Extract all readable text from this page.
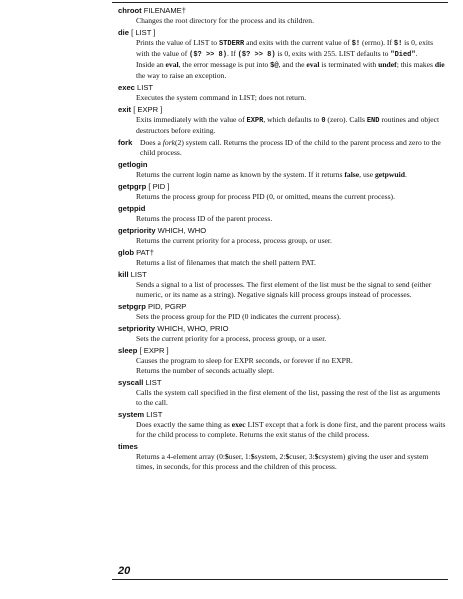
chroot FILENAME†
Changes the root directory for the process and its children.
die [ LIST ]
Prints the value of LIST to STDERR and exits with the current value of $! (errno). If $! is 0, exits with the value of ($? >> 8). If ($? >> 8) is 0, exits with 255. LIST defaults to "Died".
Inside an eval, the error message is put into $@, and the eval is terminated with undef; this makes die the way to raise an exception.
exec LIST
Executes the system command in LIST; does not return.
exit [ EXPR ]
Exits immediately with the value of EXPR, which defaults to 0 (zero). Calls END routines and object destructors before exiting.
fork	Does a fork(2) system call. Returns the process ID of the child to the parent process and zero to the child process.
getlogin
Returns the current login name as known by the system. If it returns false, use getpwuid.
getpgrp [ PID ]
Returns the process group for process PID (0, or omitted, means the current process).
getppid
Returns the process ID of the parent process.
getpriority WHICH, WHO
Returns the current priority for a process, process group, or user.
glob PAT†
Returns a list of filenames that match the shell pattern PAT.
kill LIST
Sends a signal to a list of processes. The first element of the list must be the signal to send (either numeric, or its name as a string). Negative signals kill process groups instead of processes.
setpgrp PID, PGRP
Sets the process group for the PID (0 indicates the current process).
setpriority WHICH, WHO, PRIO
Sets the current priority for a process, process group, or a user.
sleep [ EXPR ]
Causes the program to sleep for EXPR seconds, or forever if no EXPR.
Returns the number of seconds actually slept.
syscall LIST
Calls the system call specified in the first element of the list, passing the rest of the list as arguments to the call.
system LIST
Does exactly the same thing as exec LIST except that a fork is done first, and the parent process waits for the child process to complete. Returns the exit status of the child process.
times
Returns a 4-element array (0:$user, 1:$system, 2:$cuser, 3:$csystem) giving the user and system times, in seconds, for this process and the children of this process.
20
